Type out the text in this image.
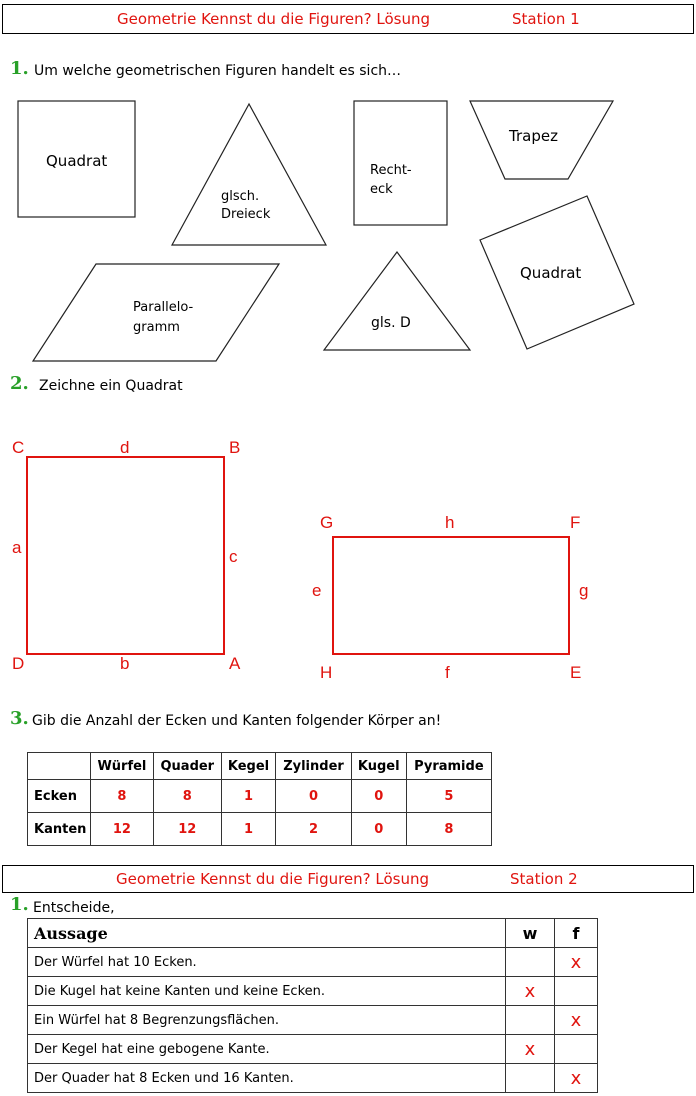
Geometrie Kennst du die Figuren? Lösung	Station 1
1. Um welche geometrischen Figuren handelt es sich…
Quadrat
glsch.
Dreieck
Recht-
eck
Trapez
Parallelo-
gramm	gls. D
Quadrat
2. Zeichne ein Quadrat
C	d	B
a	c
D	b	A
G	h	F
e	g
H	f	E
3. Gib die Anzahl der Ecken und Kanten folgender Körper an!
	Würfel	Quader	Kegel	Zylinder	Kugel	Pyramide
Ecken	8	8	1	0	0	5
Kanten	12	12	1	2	0	8
Geometrie Kennst du die Figuren? Lösung	Station 2
1. Entscheide,
Aussage	w	f
Der Würfel hat 10 Ecken.		x
Die Kugel hat keine Kanten und keine Ecken.	x	
Ein Würfel hat 8 Begrenzungsflächen.		x
Der Kegel hat eine gebogene Kante.	x	
Der Quader hat 8 Ecken und 16 Kanten.		x
